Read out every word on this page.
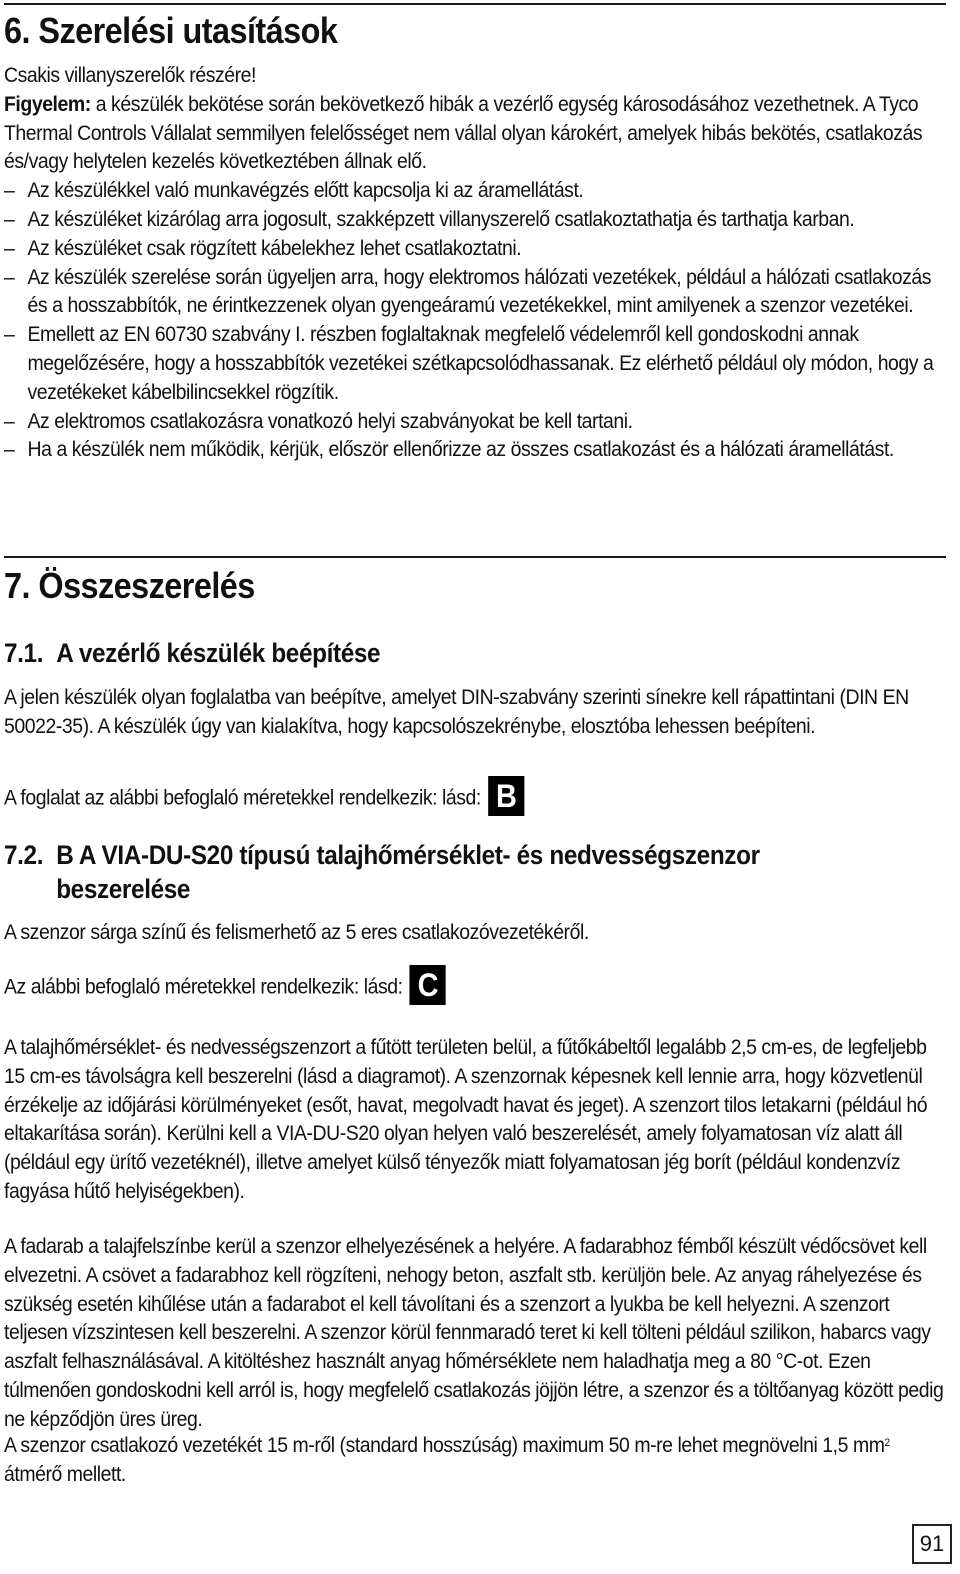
6. Szerelési utasítások
Csakis villanyszerelők részére!
Figyelem: a készülék bekötése során bekövetkező hibák a vezérlő egység károsodásához vezethetnek. A Tyco Thermal Controls Vállalat semmilyen felelősséget nem vállal olyan károkért, amelyek hibás bekötés, csatlakozás és/vagy helytelen kezelés következtében állnak elő.
– Az készülékkel való munkavégzés előtt kapcsolja ki az áramellátást.
– Az készüléket kizárólag arra jogosult, szakképzett villanyszerelő csatlakoztathatja és tarthatja karban.
– Az készüléket csak rögzített kábelekhez lehet csatlakoztatni.
– Az készülék szerelése során ügyeljen arra, hogy elektromos hálózati vezetékek, például a hálózati csatlakozás és a hosszabbítók, ne érintkezzenek olyan gyengeáramú vezetékekkel, mint amilyenek a szenzor vezetékei.
– Emellett az EN 60730 szabvány I. részben foglaltaknak megfelelő védelemről kell gondoskodni annak megelőzésére, hogy a hosszabbítók vezetékei szétkapcsolódhassanak. Ez elérhető például oly módon, hogy a vezetékeket kábelbilincsekkel rögzítik.
– Az elektromos csatlakozásra vonatkozó helyi szabványokat be kell tartani.
– Ha a készülék nem működik, kérjük, először ellenőrizze az összes csatlakozást és a hálózati áramellátást.
7. Összeszerelés
7.1. A vezérlő készülék beépítése
A jelen készülék olyan foglalatba van beépítve, amelyet DIN-szabvány szerinti sínekre kell rápattintani (DIN EN 50022-35). A készülék úgy van kialakítva, hogy kapcsolószekrénybe, elosztóba lehessen beépíteni.
A foglalat az alábbi befoglaló méretekkel rendelkezik: lásd: B
7.2. B A VIA-DU-S20 típusú talajhőmérséklet- és nedvességszenzor
beszerelése
A szenzor sárga színű és felismerhető az 5 eres csatlakozóvezetékéről.
Az alábbi befoglaló méretekkel rendelkezik: lásd: C
A talajhőmérséklet- és nedvességszenzort a fűtött területen belül, a fűtőkábeltől legalább 2,5 cm-es, de legfeljebb 15 cm-es távolságra kell beszerelni (lásd a diagramot). A szenzornak képesnek kell lennie arra, hogy közvetlenül érzékelje az időjárási körülményeket (esőt, havat, megolvadt havat és jeget). A szenzort tilos letakarni (például hó eltakarítása során). Kerülni kell a VIA-DU-S20 olyan helyen való beszerelését, amely folyamatosan víz alatt áll (például egy ürítő vezetéknél), illetve amelyet külső tényezők miatt folyamatosan jég borít (például kondenzvíz fagyása hűtő helyiségekben).
A fadarab a talajfelszínbe kerül a szenzor elhelyezésének a helyére. A fadarabhoz fémből készült védőcsövet kell elvezetni. A csövet a fadarabhoz kell rögzíteni, nehogy beton, aszfalt stb. kerüljön bele. Az anyag ráhelyezése és szükség esetén kihűlése után a fadarabot el kell távolítani és a szenzort a lyukba be kell helyezni. A szenzort teljesen vízszintesen kell beszerelni. A szenzor körül fennmaradó teret ki kell tölteni például szilikon, habarcs vagy aszfalt felhasználásával. A kitöltéshez használt anyag hőmérséklete nem haladhatja meg a 80 °C-ot. Ezen túlmenően gondoskodni kell arról is, hogy megfelelő csatlakozás jöjjön létre, a szenzor és a töltőanyag között pedig ne képződjön üres üreg.
A szenzor csatlakozó vezetékét 15 m-ről (standard hosszúság) maximum 50 m-re lehet megnövelni 1,5 $mm^2$ átmérő mellett.
91
